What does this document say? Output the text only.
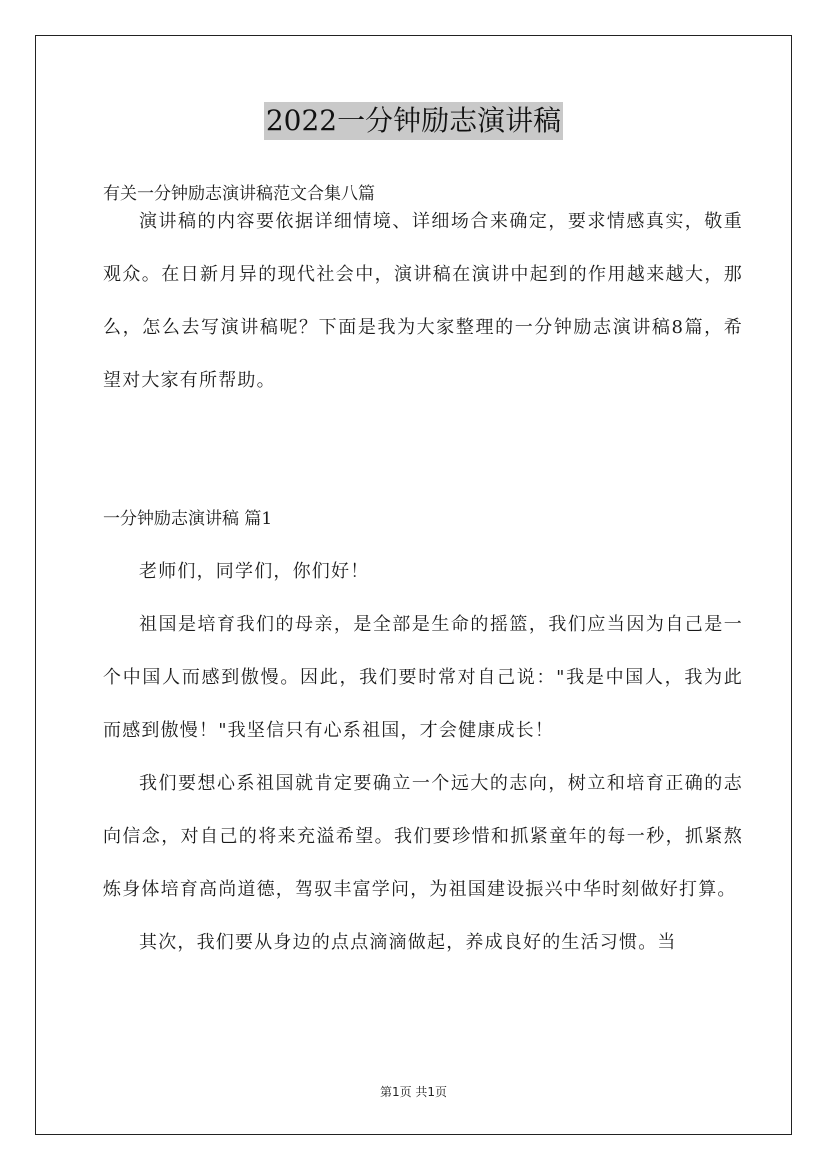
2022一分钟励志演讲稿
有关一分钟励志演讲稿范文合集八篇

演讲稿的内容要依据详细情境、详细场合来确定，要求情感真实，敬重观众。在日新月异的现代社会中，演讲稿在演讲中起到的作用越来越大，那么，怎么去写演讲稿呢？下面是我为大家整理的一分钟励志演讲稿8篇，希望对大家有所帮助。

一分钟励志演讲稿 篇1

老师们，同学们，你们好！

祖国是培育我们的母亲，是全部是生命的摇篮，我们应当因为自己是一个中国人而感到傲慢。因此，我们要时常对自己说："我是中国人，我为此而感到傲慢！"我坚信只有心系祖国，才会健康成长！

我们要想心系祖国就肯定要确立一个远大的志向，树立和培育正确的志向信念，对自己的将来充溢希望。我们要珍惜和抓紧童年的每一秒，抓紧熬炼身体培育高尚道德，驾驭丰富学问，为祖国建设振兴中华时刻做好打算。

其次，我们要从身边的点点滴滴做起，养成良好的生活习惯。当

第1页 共1页
